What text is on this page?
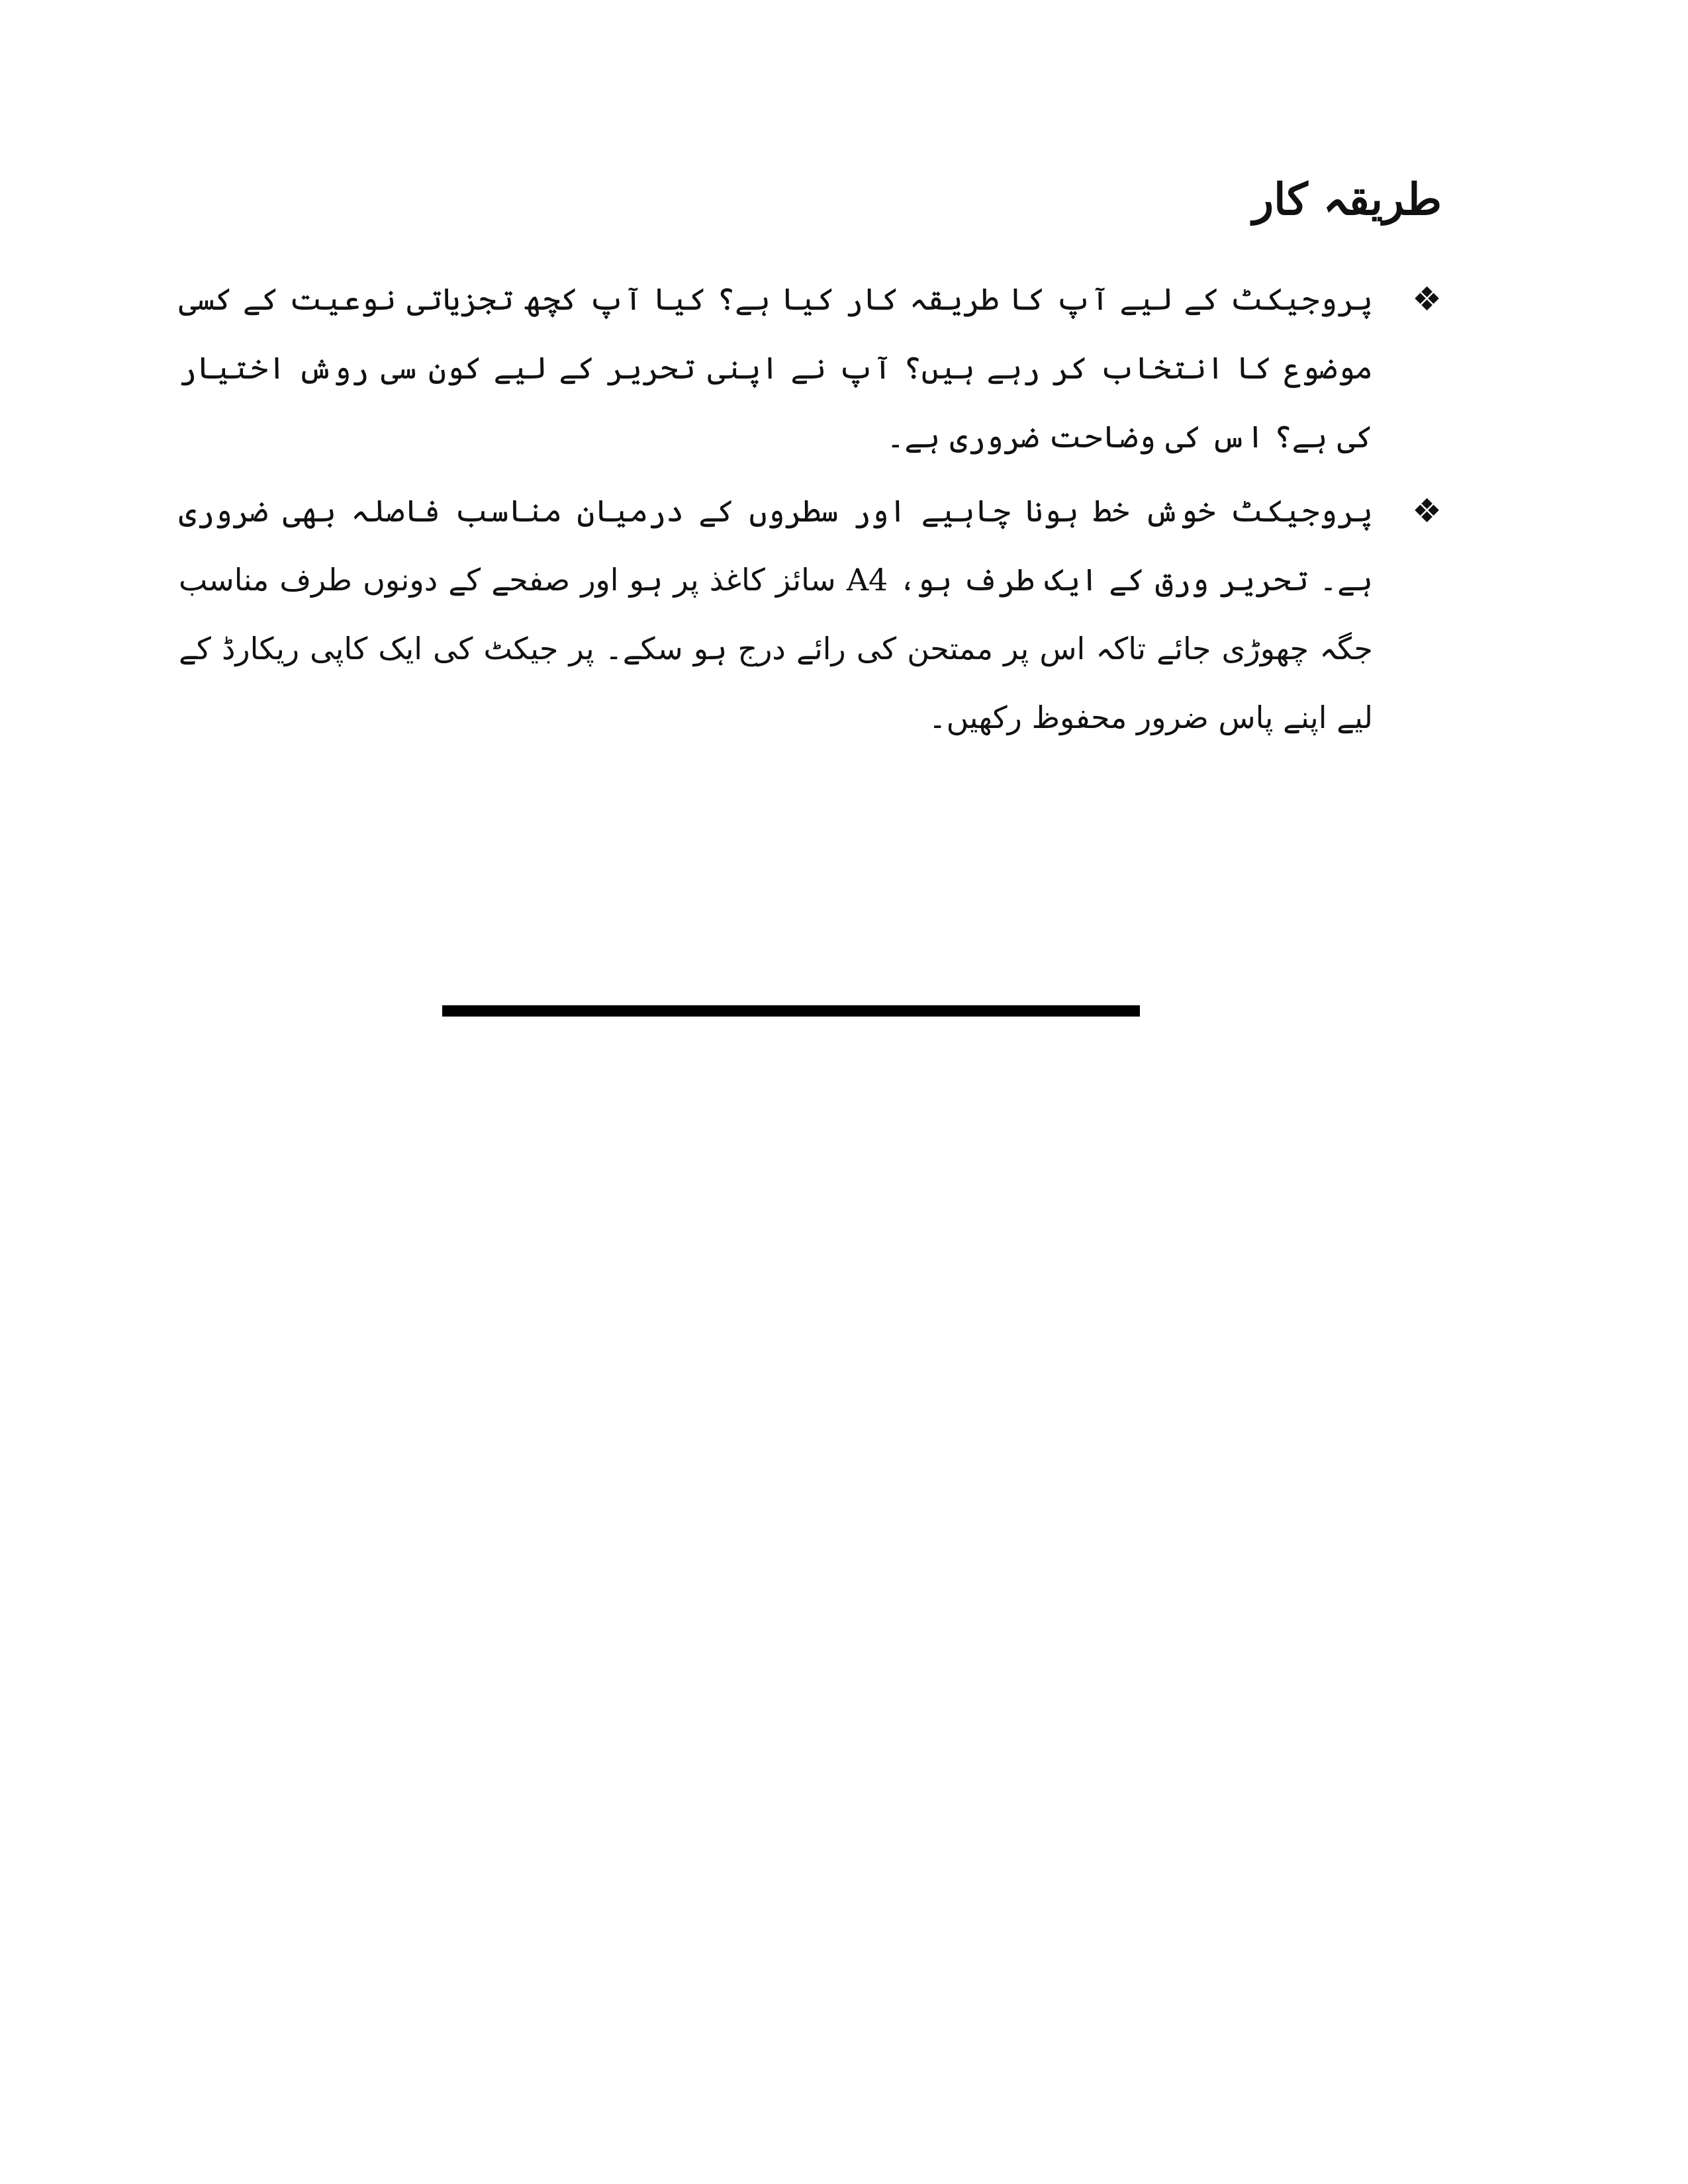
طریقہ کار
❖
پروجیکٹ کے لیے آپ کا طریقہ کار کیا ہے؟ کیا آپ کچھ تجزیاتی نوعیت کے کسی موضوع کا انتخاب کر رہے ہیں؟ آپ نے اپنی تحریر کے لیے کون سی روش اختیار کی ہے؟ اس کی وضاحت ضروری ہے۔
❖
پروجیکٹ خوش خط ہونا چاہیے اور سطروں کے درمیان مناسب فاصلہ بھی ضروری ہے۔ تحریر ورق کے ایک طرف ہو، A4 سائز کاغذ پر ہو اور صفحے کے دونوں طرف مناسب جگہ چھوڑی جائے تاکہ اس پر ممتحن کی رائے درج ہو سکے۔ پر جیکٹ کی ایک کاپی ریکارڈ کے لیے اپنے پاس ضرور محفوظ رکھیں۔
